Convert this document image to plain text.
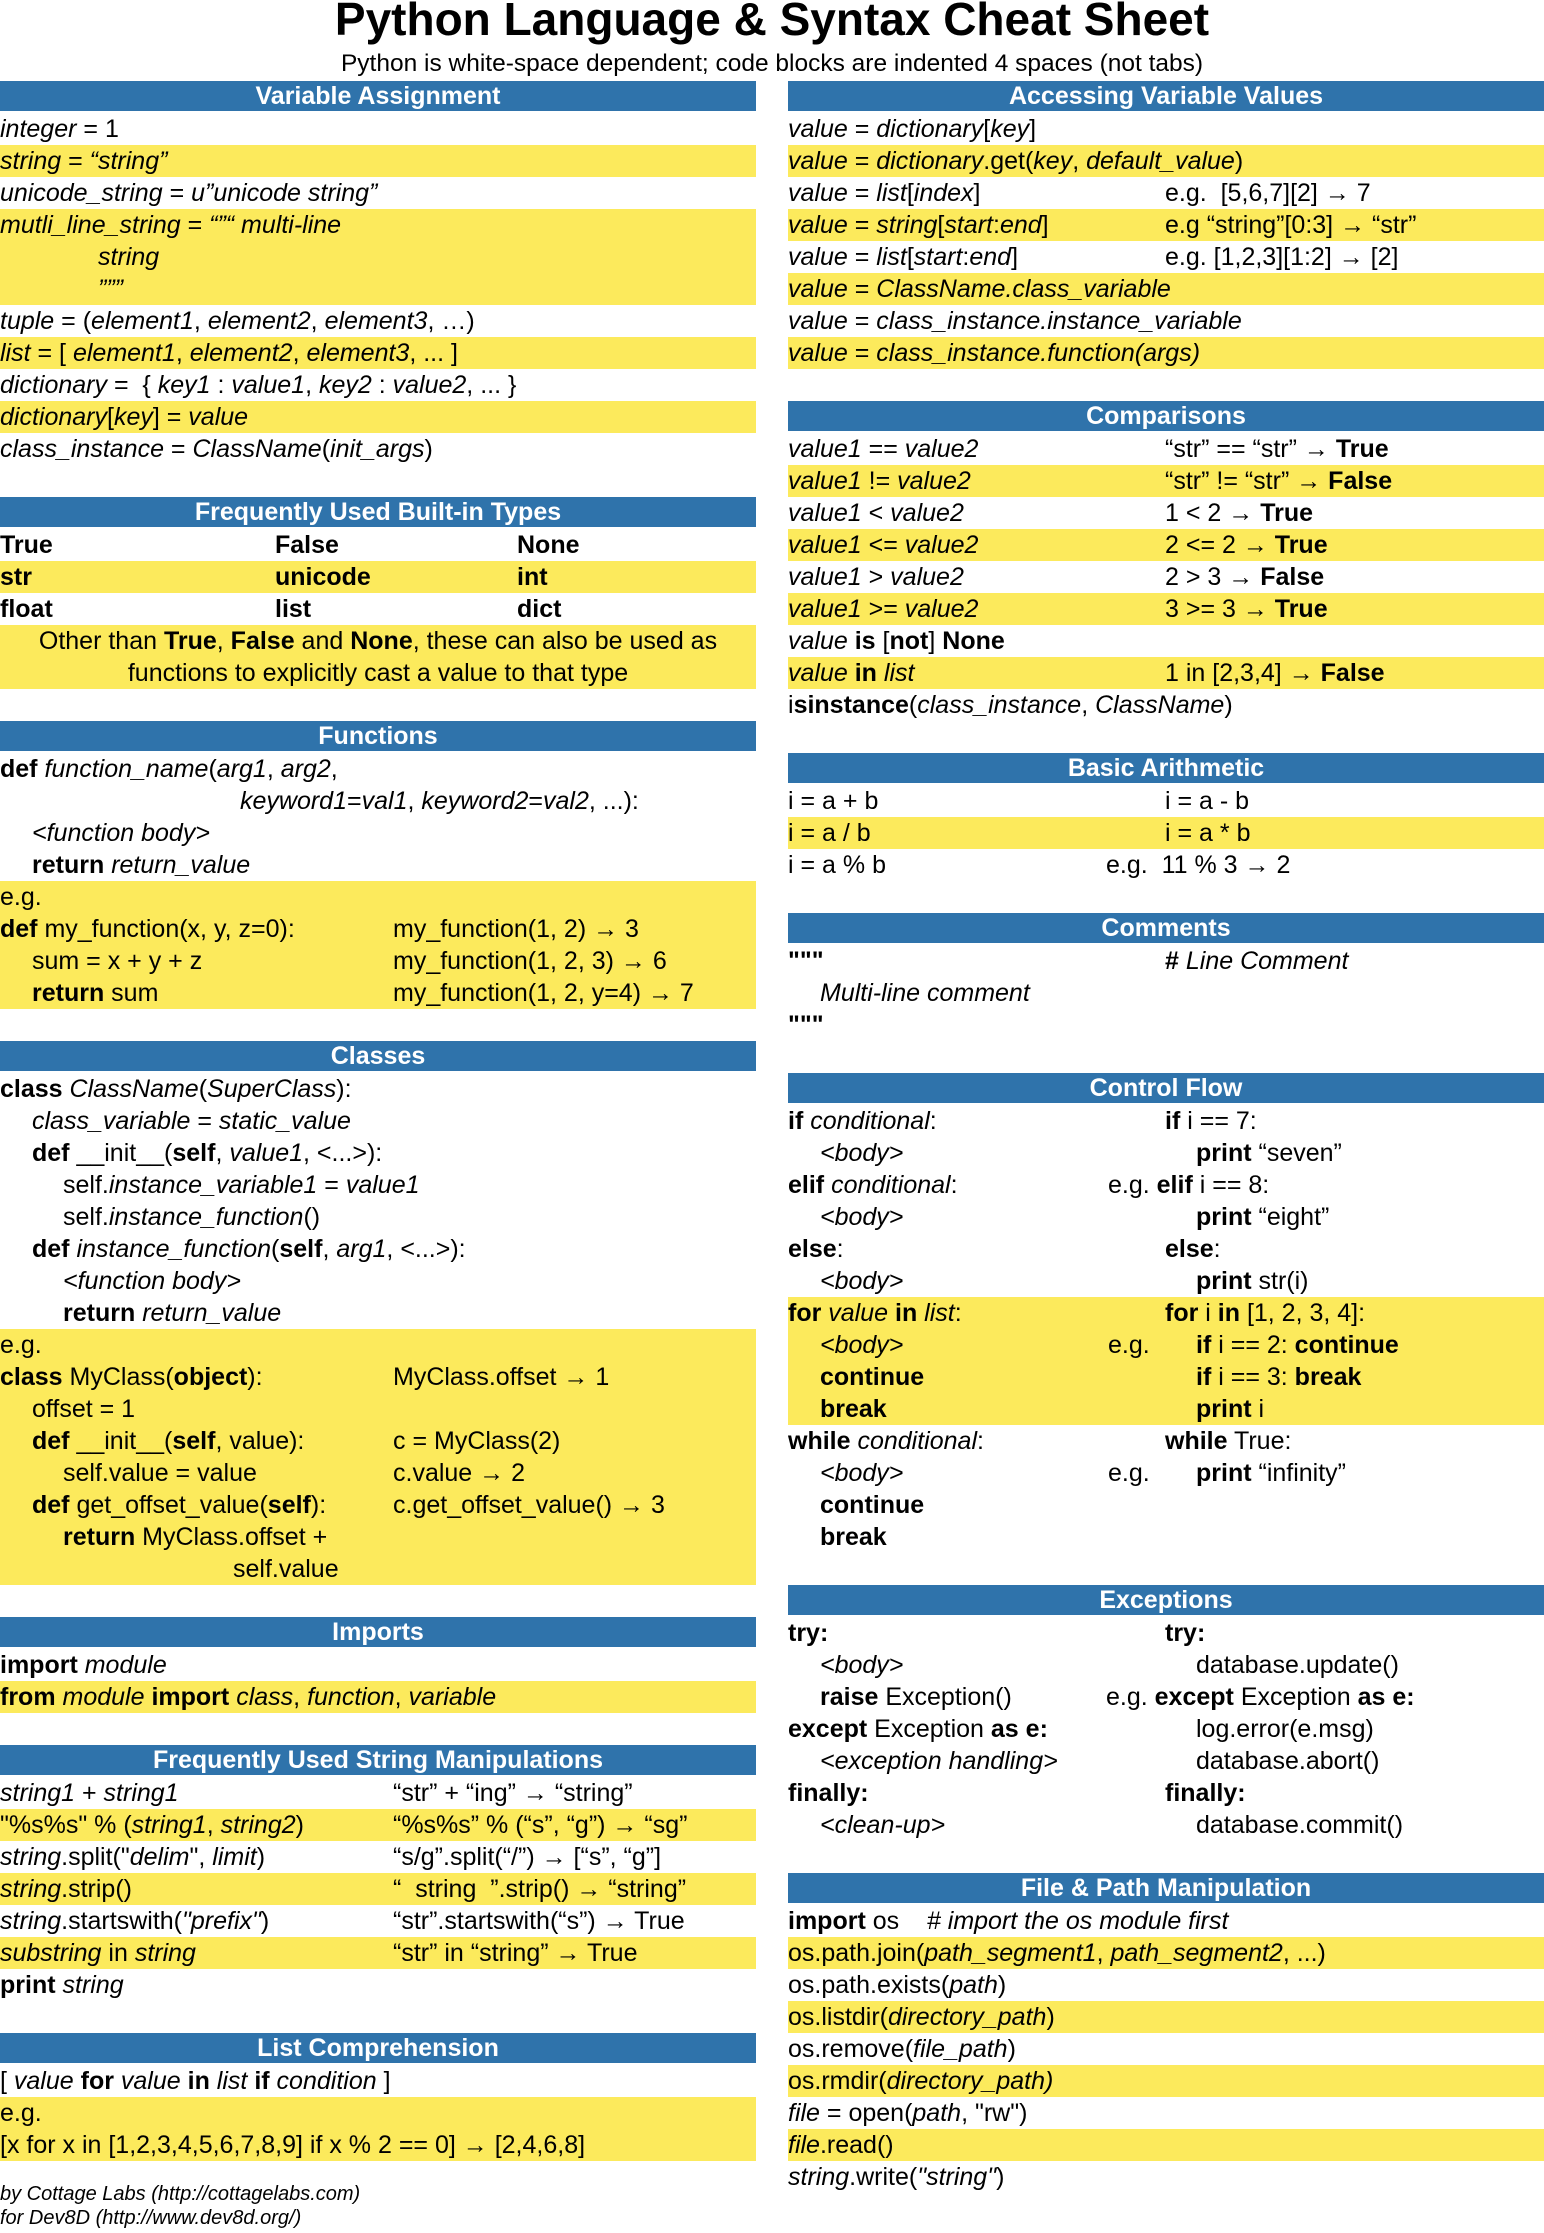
Python Language & Syntax Cheat Sheet
Python is white-space dependent; code blocks are indented 4 spaces (not tabs)
Variable Assignment
integer = 1
string = “string”
unicode_string = u”unicode string”
mutli_line_string = “”“ multi-line
string
”””
tuple = (element1, element2, element3, …)
list = [ element1, element2, element3, ... ]
dictionary =  { key1 : value1, key2 : value2, ... }
dictionary[key] = value
class_instance = ClassName(init_args)
Frequently Used Built-in Types
True	False	None
str	unicode	int
float	list	dict
Other than True, False and None, these can also be used as
functions to explicitly cast a value to that type
Functions
def function_name(arg1, arg2,
keyword1=val1, keyword2=val2, ...):
<function body>
return return_value
e.g.
def my_function(x, y, z=0):	my_function(1, 2) → 3
sum = x + y + z	my_function(1, 2, 3) → 6
return sum	my_function(1, 2, y=4) → 7
Classes
class ClassName(SuperClass):
class_variable = static_value
def __init__(self, value1, <...>):
self.instance_variable1 = value1
self.instance_function()
def instance_function(self, arg1, <...>):
<function body>
return return_value
e.g.
class MyClass(object):	MyClass.offset → 1
offset = 1
def __init__(self, value):	c = MyClass(2)
self.value = value	c.value → 2
def get_offset_value(self):	c.get_offset_value() → 3
return MyClass.offset +
self.value
Imports
import module
from module import class, function, variable
Frequently Used String Manipulations
string1 + string1	“str” + “ing” → “string”
"%s%s" % (string1, string2)	“%s%s” % (“s”, “g”) → “sg”
string.split("delim", limit)	“s/g”.split(“/”) → [“s”, “g”]
string.strip()	“  string  ”.strip() → “string”
string.startswith("prefix")	“str”.startswith(“s”) → True
substring in string	“str” in “string” → True
print string
List Comprehension
[ value for value in list if condition ]
e.g.
[x for x in [1,2,3,4,5,6,7,8,9] if x % 2 == 0] → [2,4,6,8]
Accessing Variable Values
value = dictionary[key]
value = dictionary.get(key, default_value)
value = list[index]	e.g.  [5,6,7][2] → 7
value = string[start:end]	e.g “string”[0:3] → “str”
value = list[start:end]	e.g. [1,2,3][1:2] → [2]
value = ClassName.class_variable
value = class_instance.instance_variable
value = class_instance.function(args)
Comparisons
value1 == value2	“str” == “str” → True
value1 != value2	“str” != “str” → False
value1 < value2	1 < 2 → True
value1 <= value2	2 <= 2 → True
value1 > value2	2 > 3 → False
value1 >= value2	3 >= 3 → True
value is [not] None
value in list	1 in [2,3,4] → False
isinstance(class_instance, ClassName)
Basic Arithmetic
i = a + b	i = a - b
i = a / b	i = a * b
i = a % b	e.g.  11 % 3 → 2
Comments
"""	# Line Comment
Multi-line comment
"""
Control Flow
if conditional:	if i == 7:
<body>	print “seven”
elif conditional:	e.g. elif i == 8:
<body>	print “eight”
else:	else:
<body>	print str(i)
for value in list:	for i in [1, 2, 3, 4]:
<body>	e.g. if i == 2: continue
continue	if i == 3: break
break	print i
while conditional:	while True:
<body>	e.g. print “infinity”
continue
break
Exceptions
try:	try:
<body>	database.update()
raise Exception()	e.g. except Exception as e:
except Exception as e:	log.error(e.msg)
<exception handling>	database.abort()
finally:	finally:
<clean-up>	database.commit()
File & Path Manipulation
import os    # import the os module first
os.path.join(path_segment1, path_segment2, ...)
os.path.exists(path)
os.listdir(directory_path)
os.remove(file_path)
os.rmdir(directory_path)
file = open(path, "rw")
file.read()
string.write("string")
by Cottage Labs (http://cottagelabs.com)
for Dev8D (http://www.dev8d.org/)
